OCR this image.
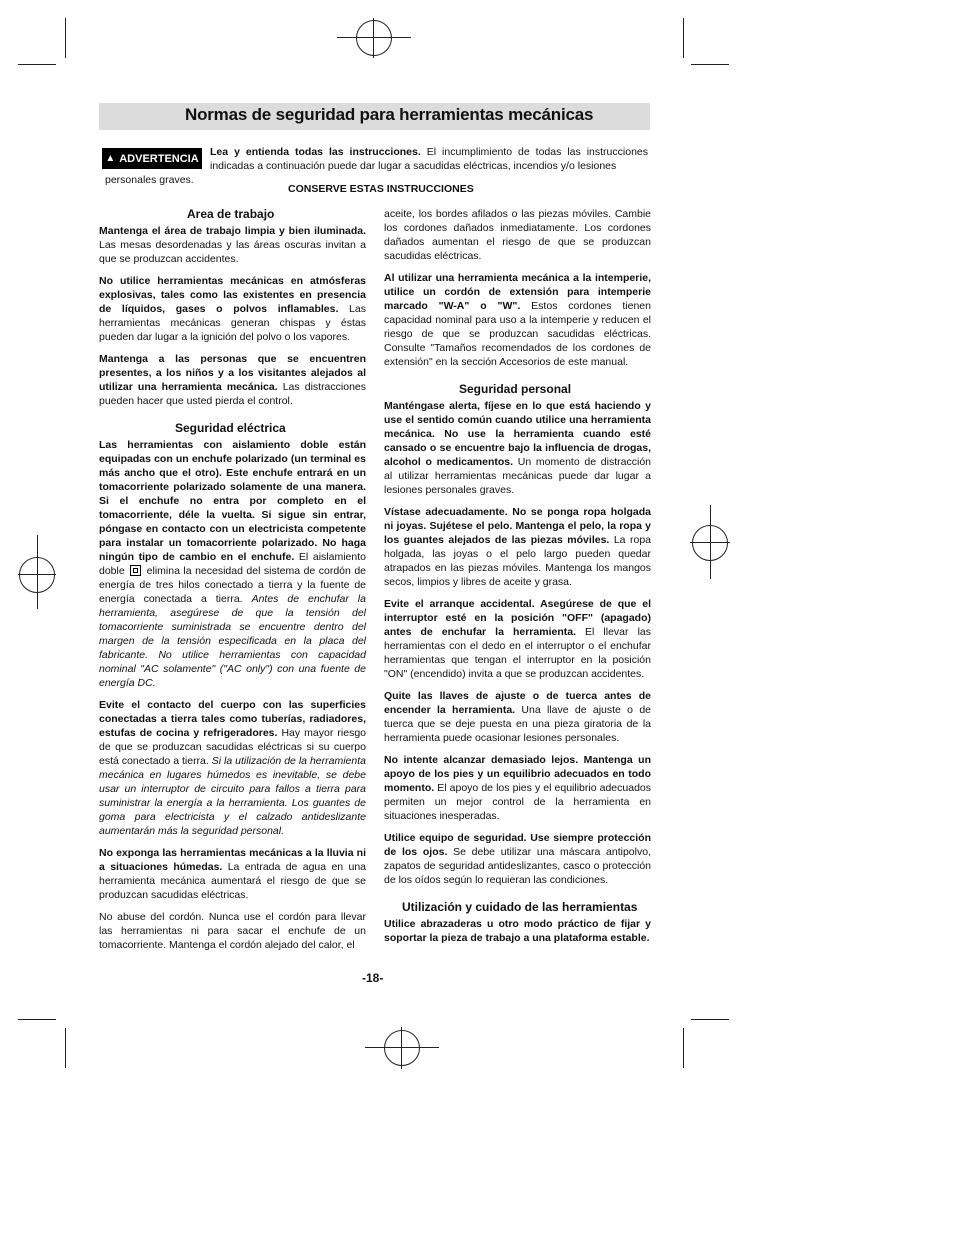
Normas de seguridad para herramientas mecánicas
▲ ADVERTENCIA
Lea y entienda todas las instrucciones. El incumplimiento de todas las instrucciones indicadas a continuación puede dar lugar a sacudidas eléctricas, incendios y/o lesiones
personales graves.
CONSERVE ESTAS INSTRUCCIONES
Area de trabajo

Mantenga el área de trabajo limpia y bien iluminada. Las mesas desordenadas y las áreas oscuras invitan a que se produzcan accidentes.

No utilice herramientas mecánicas en atmósferas explosivas, tales como las existentes en presencia de líquidos, gases o polvos inflamables. Las herramientas mecánicas generan chispas y éstas pueden dar lugar a la ignición del polvo o los vapores.

Mantenga a las personas que se encuentren presentes, a los niños y a los visitantes alejados al utilizar una herramienta mecánica. Las distracciones pueden hacer que usted pierda el control.

Seguridad eléctrica

Las herramientas con aislamiento doble están equipadas con un enchufe polarizado (un terminal es más ancho que el otro). Este enchufe entrará en un tomacorriente polarizado solamente de una manera. Si el enchufe no entra por completo en el tomacorriente, déle la vuelta. Si sigue sin entrar, póngase en contacto con un electricista competente para instalar un tomacorriente polarizado. No haga ningún tipo de cambio en el enchufe. El aislamiento doble  elimina la necesidad del sistema de cordón de energía de tres hilos conectado a tierra y la fuente de energía conectada a tierra. Antes de enchufar la herramienta, asegúrese de que la tensión del tomacorriente suministrada se encuentre dentro del margen de la tensión especificada en la placa del fabricante. No utilice herramientas con capacidad nominal "AC solamente" ("AC only") con una fuente de energía DC.

Evite el contacto del cuerpo con las superficies conectadas a tierra tales como tuberías, radiadores, estufas de cocina y refrigeradores. Hay mayor riesgo de que se produzcan sacudidas eléctricas si su cuerpo está conectado a tierra. Si la utilización de la herramienta mecánica en lugares húmedos es inevitable, se debe usar un interruptor de circuito para fallos a tierra para suministrar la energía a la herramienta. Los guantes de goma para electricista y el calzado antideslizante aumentarán más la seguridad personal.

No exponga las herramientas mecánicas a la lluvia ni a situaciones húmedas. La entrada de agua en una herramienta mecánica aumentará el riesgo de que se produzcan sacudidas eléctricas.

No abuse del cordón. Nunca use el cordón para llevar las herramientas ni para sacar el enchufe de un tomacorriente. Mantenga el cordón alejado del calor, el

aceite, los bordes afilados o las piezas móviles. Cambie los cordones dañados inmediatamente. Los cordones dañados aumentan el riesgo de que se produzcan sacudidas eléctricas.

Al utilizar una herramienta mecánica a la intemperie, utilice un cordón de extensión para intemperie marcado "W-A" o "W". Estos cordones tienen capacidad nominal para uso a la intemperie y reducen el riesgo de que se produzcan sacudidas eléctricas. Consulte "Tamaños recomendados de los cordones de extensión" en la sección Accesorios de este manual.

Seguridad personal

Manténgase alerta, fíjese en lo que está haciendo y use el sentido común cuando utilice una herramienta mecánica. No use la herramienta cuando esté cansado o se encuentre bajo la influencia de drogas, alcohol o medicamentos. Un momento de distracción al utilizar herramientas mecánicas puede dar lugar a lesiones personales graves.

Vístase adecuadamente. No se ponga ropa holgada ni joyas. Sujétese el pelo. Mantenga el pelo, la ropa y los guantes alejados de las piezas móviles. La ropa holgada, las joyas o el pelo largo pueden quedar atrapados en las piezas móviles. Mantenga los mangos secos, limpios y libres de aceite y grasa.

Evite el arranque accidental. Asegúrese de que el interruptor esté en la posición "OFF" (apagado) antes de enchufar la herramienta. El llevar las herramientas con el dedo en el interruptor o el enchufar herramientas que tengan el interruptor en la posición "ON" (encendido) invita a que se produzcan accidentes.

Quite las llaves de ajuste o de tuerca antes de encender la herramienta. Una llave de ajuste o de tuerca que se deje puesta en una pieza giratoria de la herramienta puede ocasionar lesiones personales.

No intente alcanzar demasiado lejos. Mantenga un apoyo de los pies y un equilibrio adecuados en todo momento. El apoyo de los pies y el equilibrio adecuados permiten un mejor control de la herramienta en situaciones inesperadas.

Utilice equipo de seguridad. Use siempre protección de los ojos. Se debe utilizar una máscara antipolvo, zapatos de seguridad antideslizantes, casco o protección de los oídos según lo requieran las condiciones.

Utilización y cuidado de las herramientas

Utilice abrazaderas u otro modo práctico de fijar y soportar la pieza de trabajo a una plataforma estable.

-18-
